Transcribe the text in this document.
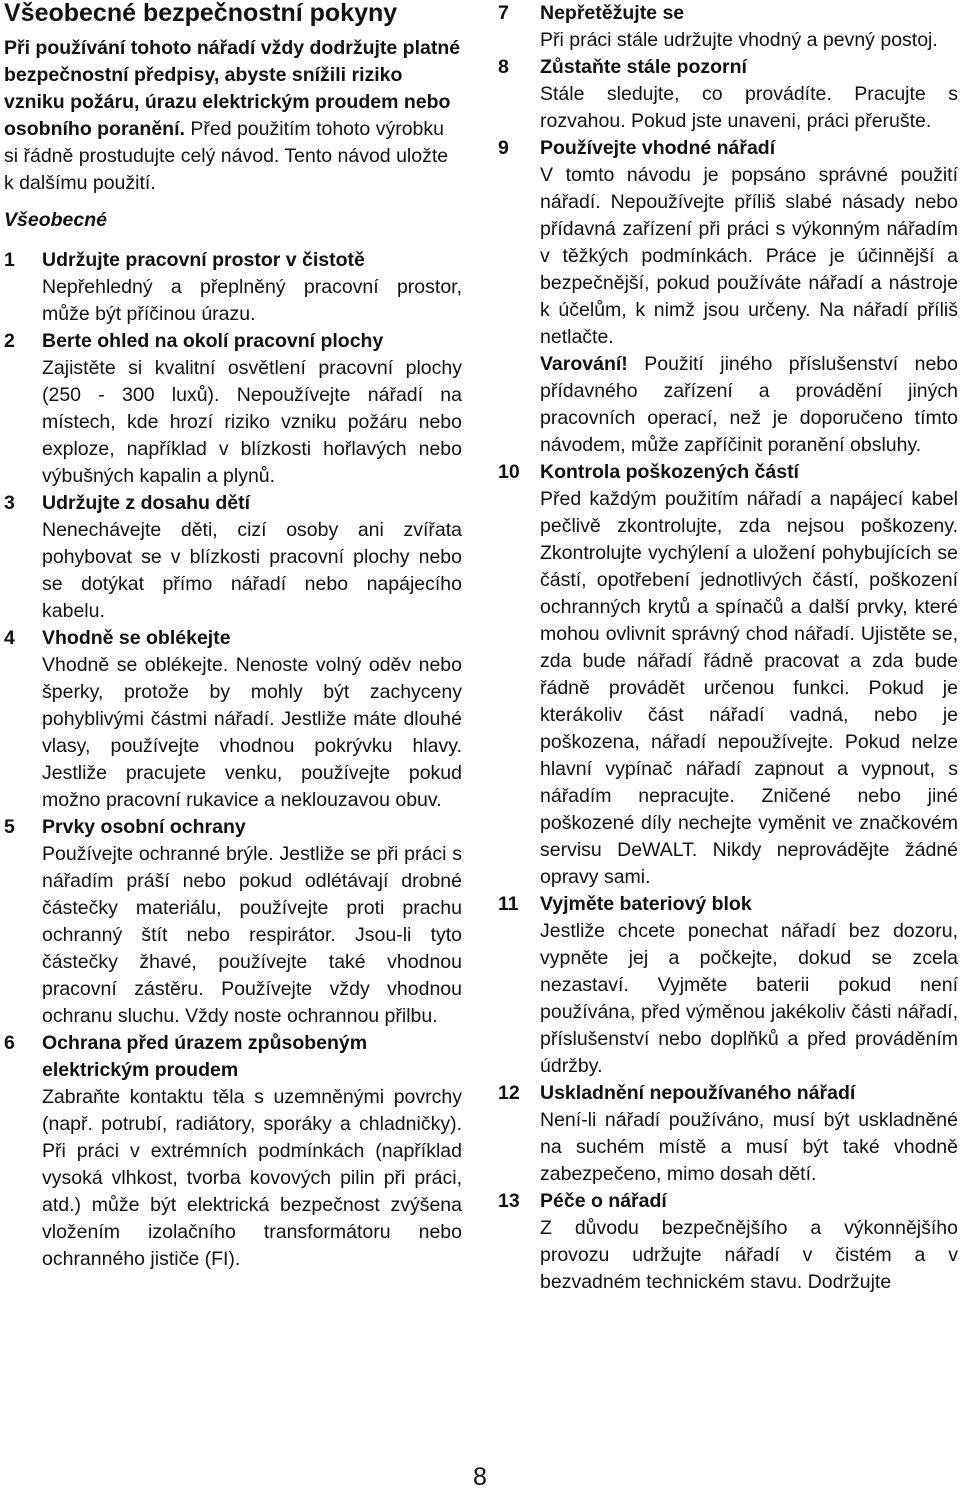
Všeobecné bezpečnostní pokyny

Při používání tohoto nářadí vždy dodržujte platné bezpečnostní předpisy, abyste snížili riziko vzniku požáru, úrazu elektrickým proudem nebo osobního poranění. Před použitím tohoto výrobku si řádně prostudujte celý návod. Tento návod uložte k dalšímu použití.

Všeobecné
1	Udržujte pracovní prostor v čistotě

Nepřehledný a přeplněný pracovní prostor, může být příčinou úrazu.

2	Berte ohled na okolí pracovní plochy

Zajistěte si kvalitní osvětlení pracovní plochy (250 - 300 luxů). Nepoužívejte nářadí na místech, kde hrozí riziko vzniku požáru nebo exploze, například v blízkosti hořlavých nebo výbušných kapalin a plynů.

3	Udržujte z dosahu dětí

Nenechávejte děti, cizí osoby ani zvířata pohybovat se v blízkosti pracovní plochy nebo se dotýkat přímo nářadí nebo napájecího kabelu.

4	Vhodně se oblékejte

Vhodně se oblékejte. Nenoste volný oděv nebo šperky, protože by mohly být zachyceny pohyblivými částmi nářadí. Jestliže máte dlouhé vlasy, používejte vhodnou pokrývku hlavy. Jestliže pracujete venku, používejte pokud možno pracovní rukavice a neklouzavou obuv.

5	Prvky osobní ochrany

Používejte ochranné brýle. Jestliže se při práci s nářadím práší nebo pokud odlétávají drobné částečky materiálu, používejte proti prachu ochranný štít nebo respirátor. Jsou-li tyto částečky žhavé, používejte také vhodnou pracovní zástěru. Používejte vždy vhodnou ochranu sluchu. Vždy noste ochrannou přilbu.

6	Ochrana před úrazem způsobeným elektrickým proudem

Zabraňte kontaktu těla s uzemněnými povrchy (např. potrubí, radiátory, sporáky a chladničky). Při práci v extrémních podmínkách (například vysoká vlhkost, tvorba kovových pilin při práci, atd.) může být elektrická bezpečnost zvýšena vložením izolačního transformátoru nebo ochranného jističe (FI).

7	Nepřetěžujte se

Při práci stále udržujte vhodný a pevný postoj.

8	Zůstaňte stále pozorní

Stále sledujte, co provádíte. Pracujte s rozvahou. Pokud jste unaveni, práci přerušte.

9	Používejte vhodné nářadí

V tomto návodu je popsáno správné použití nářadí. Nepoužívejte příliš slabé násady nebo přídavná zařízení při práci s výkonným nářadím v těžkých podmínkách. Práce je účinnější a bezpečnější, pokud používáte nářadí a nástroje k účelům, k nimž jsou určeny. Na nářadí příliš netlačte.

Varování! Použití jiného příslušenství nebo přídavného zařízení a provádění jiných pracovních operací, než je doporučeno tímto návodem, může zapříčinit poranění obsluhy.

10	Kontrola poškozených částí

Před každým použitím nářadí a napájecí kabel pečlivě zkontrolujte, zda nejsou poškozeny. Zkontrolujte vychýlení a uložení pohybujících se částí, opotřebení jednotlivých částí, poškození ochranných krytů a spínačů a další prvky, které mohou ovlivnit správný chod nářadí. Ujistěte se, zda bude nářadí řádně pracovat a zda bude řádně provádět určenou funkci. Pokud je kterákoliv část nářadí vadná, nebo je poškozena, nářadí nepoužívejte. Pokud nelze hlavní vypínač nářadí zapnout a vypnout, s nářadím nepracujte. Zničené nebo jiné poškozené díly nechejte vyměnit ve značkovém servisu DeWALT. Nikdy neprovádějte žádné opravy sami.

11	Vyjměte bateriový blok

Jestliže chcete ponechat nářadí bez dozoru, vypněte jej a počkejte, dokud se zcela nezastaví. Vyjměte baterii pokud není používána, před výměnou jakékoliv části nářadí, příslušenství nebo doplňků a před prováděním údržby.

12	Uskladnění nepoužívaného nářadí

Není-li nářadí používáno, musí být uskladněné na suchém místě a musí být také vhodně zabezpečeno, mimo dosah dětí.

13	Péče o nářadí

Z důvodu bezpečnějšího a výkonnějšího provozu udržujte nářadí v čistém a v bezvadném technickém stavu. Dodržujte

8
